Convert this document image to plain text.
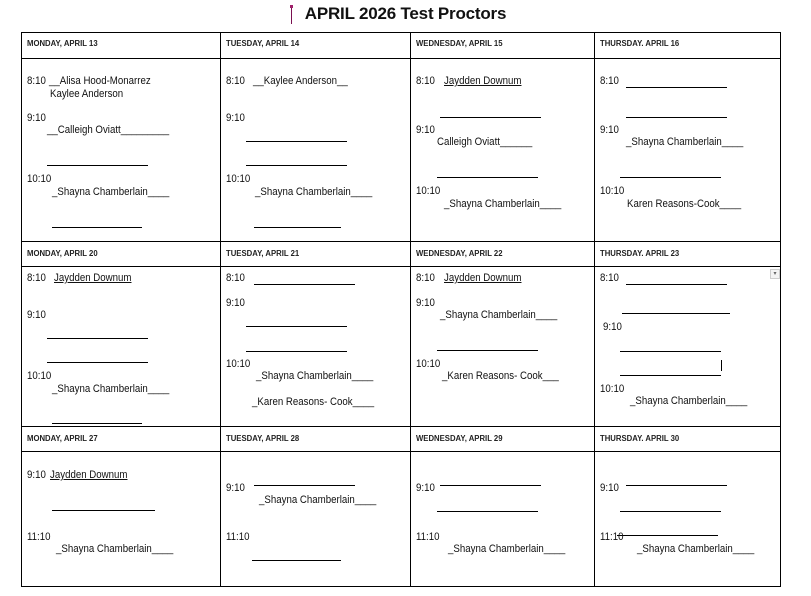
APRIL 2026 Test Proctors
MONDAY, APRIL 13
8:10 __Alisa Hood-Monarrez
Kaylee Anderson
9:10
__Calleigh Oviatt_________
10:10
_Shayna Chamberlain____
TUESDAY, APRIL 14
8:10 __Kaylee Anderson__
9:10
10:10
_Shayna Chamberlain____
WEDNESDAY, APRIL 15
8:10 Jaydden Downum
9:10
Calleigh Oviatt______
10:10
_Shayna Chamberlain____
THURSDAY. APRIL 16
8:10
9:10
_Shayna Chamberlain____
10:10
Karen Reasons-Cook____
MONDAY, APRIL 20
8:10 Jaydden Downum
9:10
10:10
_Shayna Chamberlain____
TUESDAY, APRIL 21
8:10
9:10
10:10
_Shayna Chamberlain____
_Karen Reasons- Cook____
WEDNESDAY, APRIL 22
8:10 Jaydden Downum
9:10
_Shayna Chamberlain____
10:10
_Karen Reasons- Cook___
THURSDAY. APRIL 23
8:10
9:10
10:10
_Shayna Chamberlain____
MONDAY, APRIL 27
9:10 Jaydden Downum
11:10
_Shayna Chamberlain____
TUESDAY, APRIL 28
9:10
_Shayna Chamberlain____
11:10
WEDNESDAY, APRIL 29
9:10
11:10
_Shayna Chamberlain____
THURSDAY. APRIL 30
9:10
11:10
_Shayna Chamberlain____
▾
